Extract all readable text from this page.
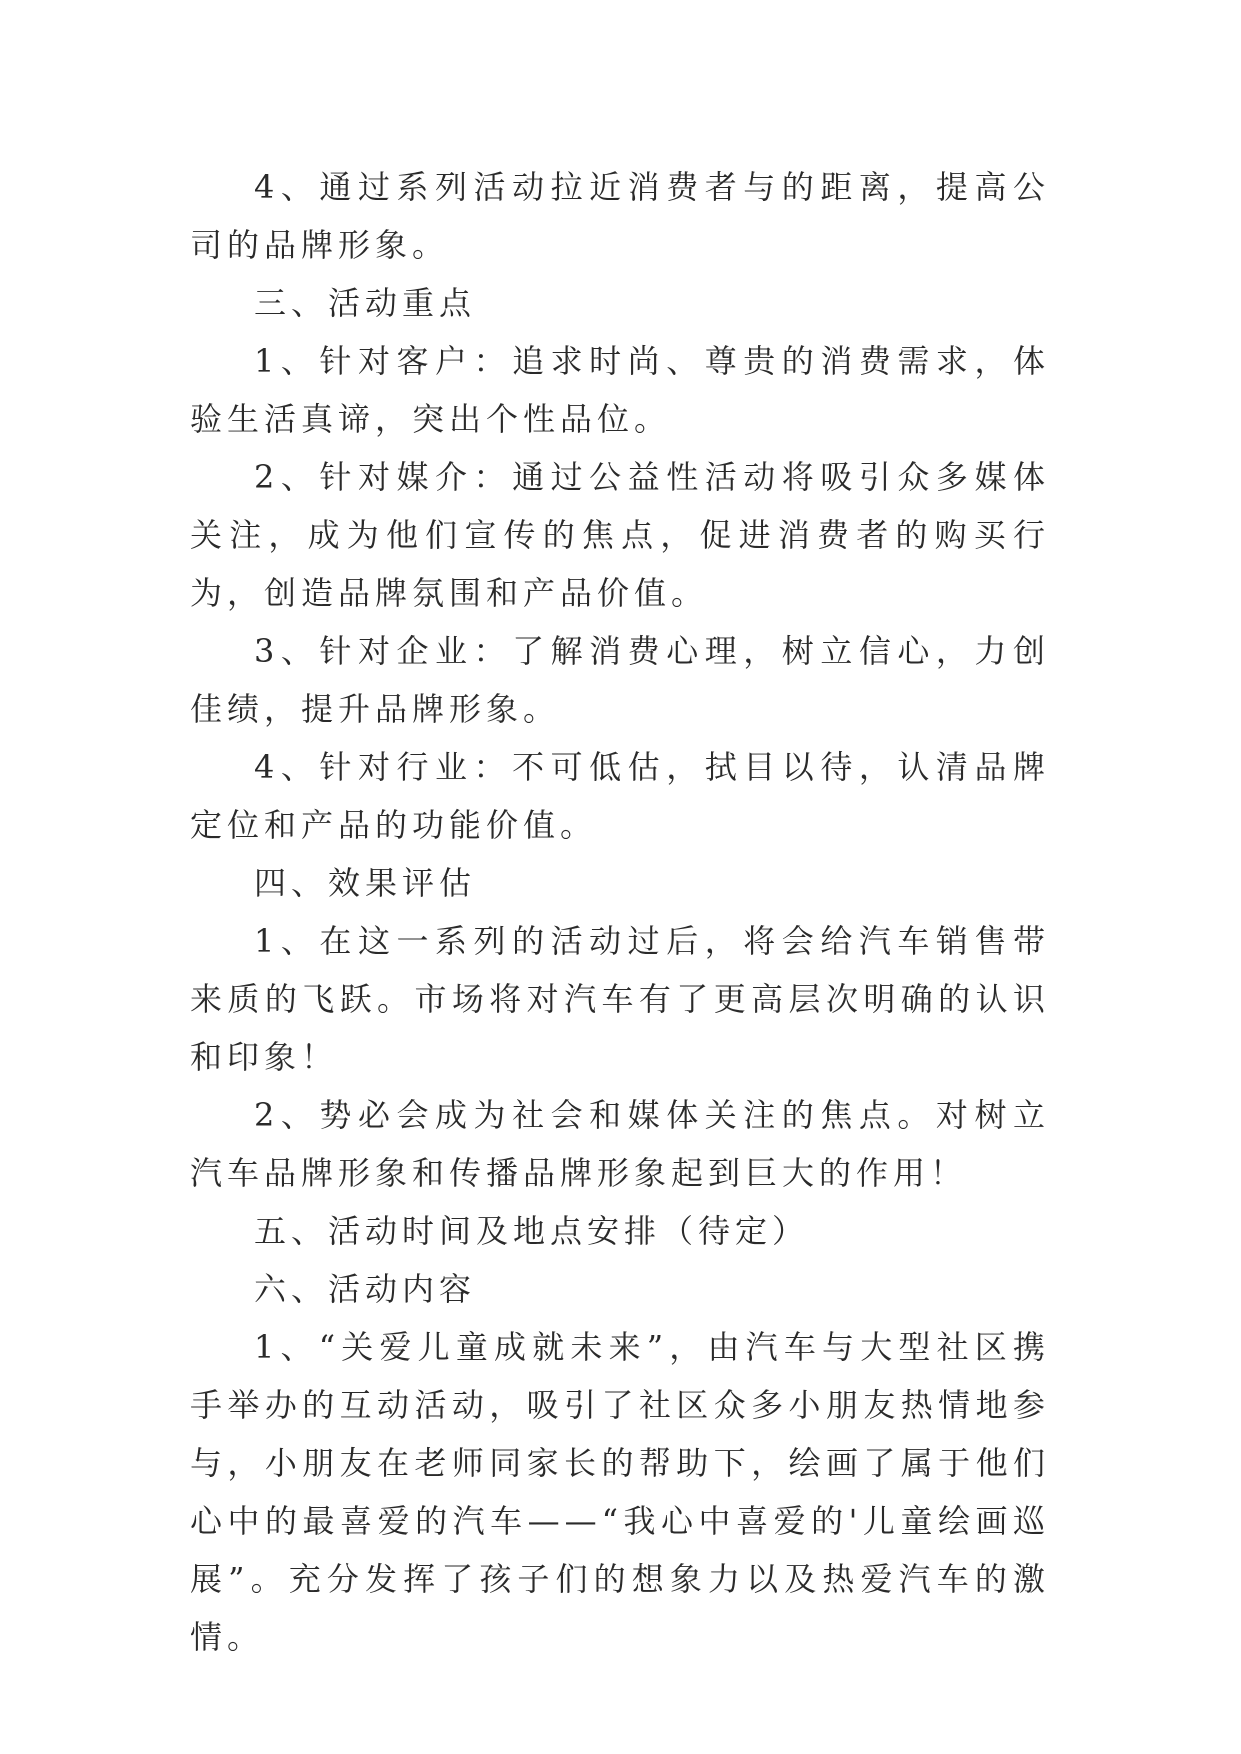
4、通过系列活动拉近消费者与的距离，提高公司的品牌形象。

三、活动重点

1、针对客户：追求时尚、尊贵的消费需求，体验生活真谛，突出个性品位。

2、针对媒介：通过公益性活动将吸引众多媒体关注，成为他们宣传的焦点，促进消费者的购买行为，创造品牌氛围和产品价值。

3、针对企业：了解消费心理，树立信心，力创佳绩，提升品牌形象。

4、针对行业：不可低估，拭目以待，认清品牌定位和产品的功能价值。

四、效果评估

1、在这一系列的活动过后，将会给汽车销售带来质的飞跃。市场将对汽车有了更高层次明确的认识和印象！

2、势必会成为社会和媒体关注的焦点。对树立汽车品牌形象和传播品牌形象起到巨大的作用！

五、活动时间及地点安排（待定）

六、活动内容

1、“关爱儿童成就未来”，由汽车与大型社区携手举办的互动活动，吸引了社区众多小朋友热情地参与，小朋友在老师同家长的帮助下，绘画了属于他们心中的最喜爱的汽车——“我心中喜爱的'儿童绘画巡展”。充分发挥了孩子们的想象力以及热爱汽车的激情。
